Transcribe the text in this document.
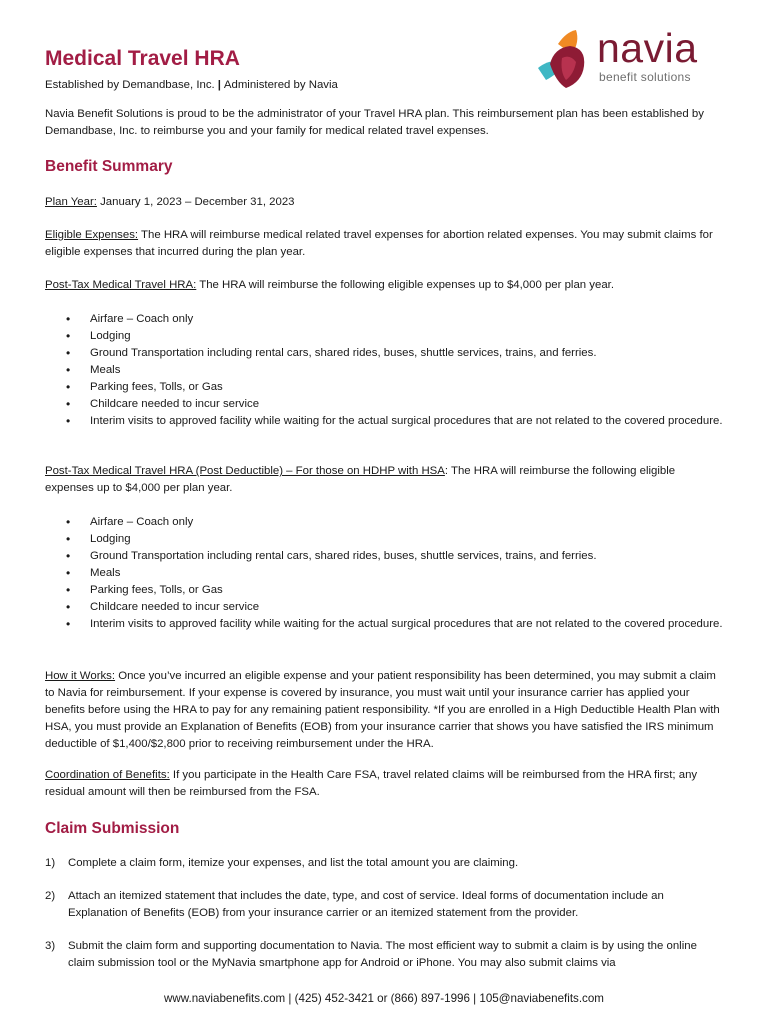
Medical Travel HRA
Established by Demandbase, Inc. | Administered by Navia
navia
benefit solutions

Navia Benefit Solutions is proud to be the administrator of your Travel HRA plan. This reimbursement plan has been established by Demandbase, Inc. to reimburse you and your family for medical related travel expenses.

Benefit Summary

Plan Year: January 1, 2023 – December 31, 2023

Eligible Expenses: The HRA will reimburse medical related travel expenses for abortion related expenses. You may submit claims for eligible expenses that incurred during the plan year.

Post-Tax Medical Travel HRA: The HRA will reimburse the following eligible expenses up to $4,000 per plan year.

• Airfare – Coach only
• Lodging
• Ground Transportation including rental cars, shared rides, buses, shuttle services, trains, and ferries.
• Meals
• Parking fees, Tolls, or Gas
• Childcare needed to incur service
• Interim visits to approved facility while waiting for the actual surgical procedures that are not related to the covered procedure.

Post-Tax Medical Travel HRA (Post Deductible) – For those on HDHP with HSA: The HRA will reimburse the following eligible expenses up to $4,000 per plan year.

• Airfare – Coach only
• Lodging
• Ground Transportation including rental cars, shared rides, buses, shuttle services, trains, and ferries.
• Meals
• Parking fees, Tolls, or Gas
• Childcare needed to incur service
• Interim visits to approved facility while waiting for the actual surgical procedures that are not related to the covered procedure.

How it Works: Once you’ve incurred an eligible expense and your patient responsibility has been determined, you may submit a claim to Navia for reimbursement. If your expense is covered by insurance, you must wait until your insurance carrier has applied your benefits before using the HRA to pay for any remaining patient responsibility. *If you are enrolled in a High Deductible Health Plan with HSA, you must provide an Explanation of Benefits (EOB) from your insurance carrier that shows you have satisfied the IRS minimum deductible of $1,400/$2,800 prior to receiving reimbursement under the HRA.

Coordination of Benefits: If you participate in the Health Care FSA, travel related claims will be reimbursed from the HRA first; any residual amount will then be reimbursed from the FSA.

Claim Submission
1) Complete a claim form, itemize your expenses, and list the total amount you are claiming.
2) Attach an itemized statement that includes the date, type, and cost of service. Ideal forms of documentation include an Explanation of Benefits (EOB) from your insurance carrier or an itemized statement from the provider.
3) Submit the claim form and supporting documentation to Navia. The most efficient way to submit a claim is by using the online claim submission tool or the MyNavia smartphone app for Android or iPhone. You may also submit claims via
www.naviabenefits.com | (425) 452-3421 or (866) 897-1996 | 105@naviabenefits.com
